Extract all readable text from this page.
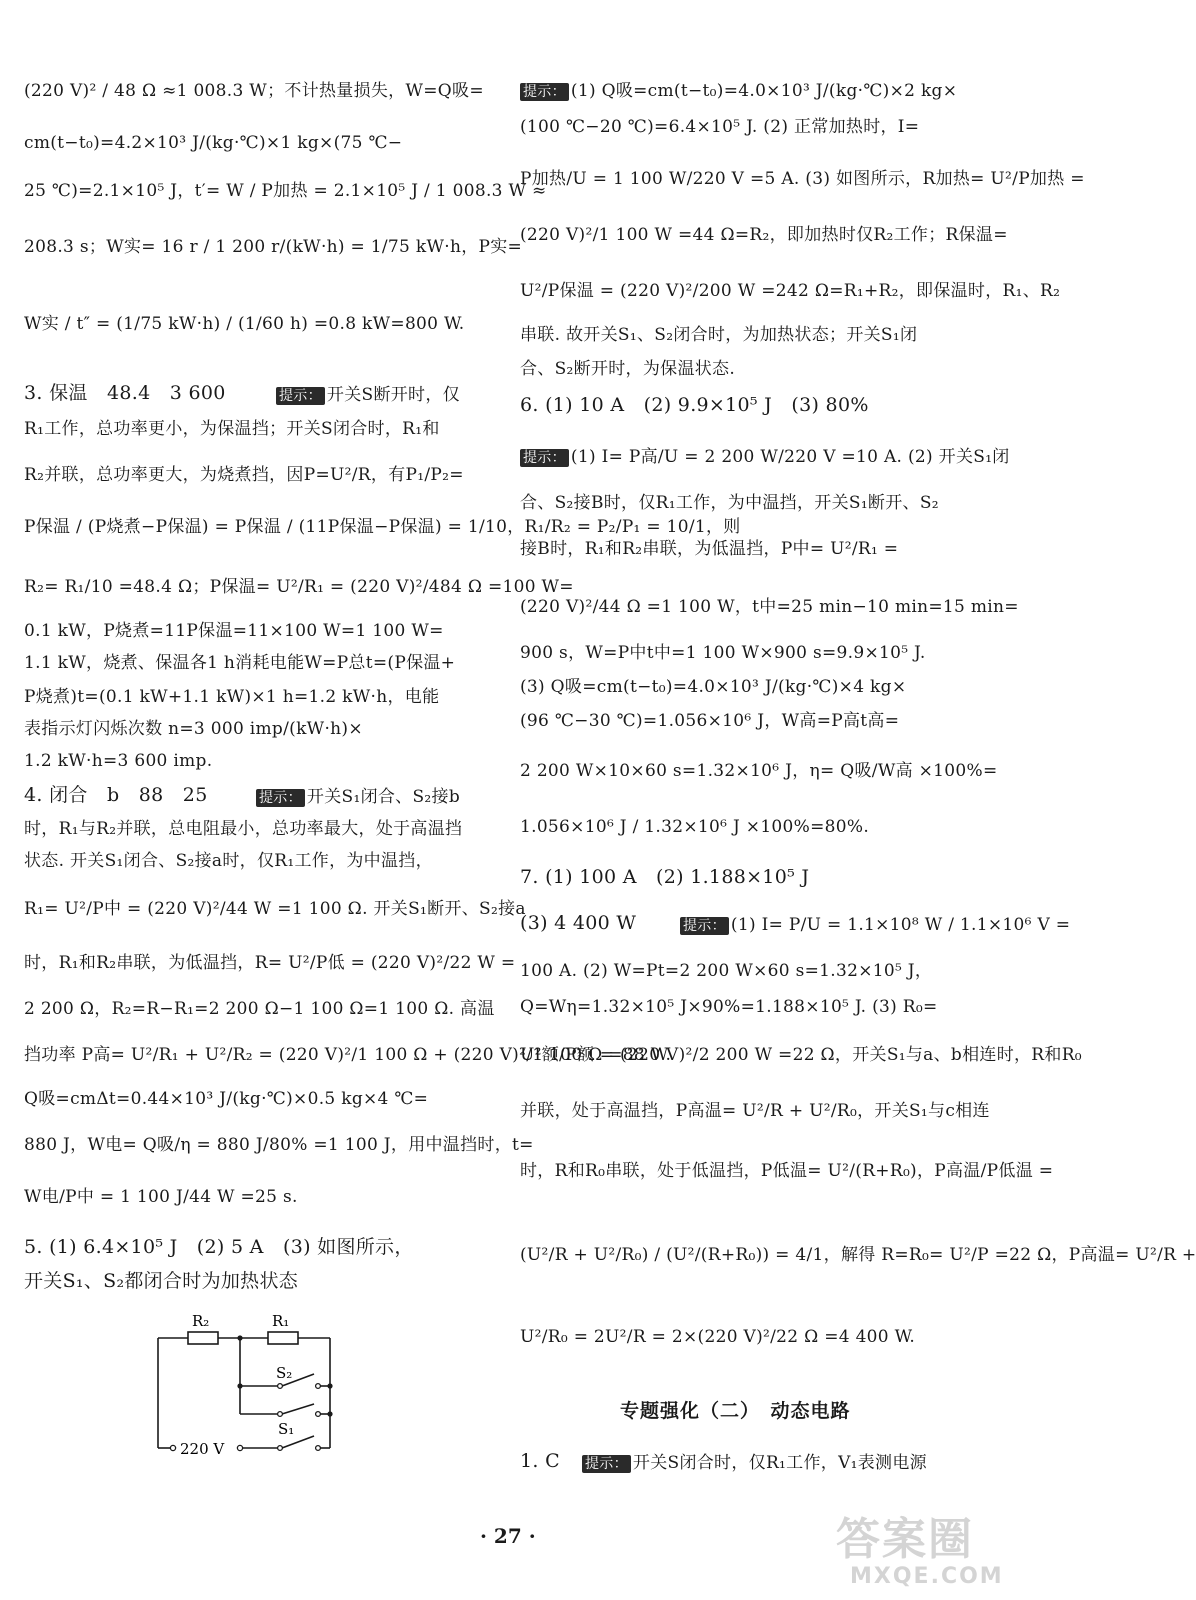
(220 V)² / 48 Ω ≈1 008.3 W；不计热量损失，W=Q吸=
cm(t−t₀)=4.2×10³ J/(kg·℃)×1 kg×(75 ℃−
25 ℃)=2.1×10⁵ J，t′= W / P加热 = 2.1×10⁵ J / 1 008.3 W ≈
208.3 s；W实= 16 r / 1 200 r/(kW·h) = 1/75 kW·h，P实=
W实 / t″ = (1/75 kW·h) / (1/60 h) =0.8 kW=800 W.
3. 保温　48.4　3 600	提示： 开关S断开时，仅
R₁工作，总功率更小，为保温挡；开关S闭合时，R₁和
R₂并联，总功率更大，为烧煮挡，因P=U²/R，有P₁/P₂=
P保温 / (P烧煮−P保温) = P保温 / (11P保温−P保温) = 1/10，R₁/R₂ = P₂/P₁ = 10/1，则
R₂= R₁/10 =48.4 Ω；P保温= U²/R₁ = (220 V)²/484 Ω =100 W=
0.1 kW，P烧煮=11P保温=11×100 W=1 100 W=
1.1 kW，烧煮、保温各1 h消耗电能W=P总t=(P保温+
P烧煮)t=(0.1 kW+1.1 kW)×1 h=1.2 kW·h，电能
表指示灯闪烁次数 n=3 000 imp/(kW·h)×
1.2 kW·h=3 600 imp.
4. 闭合　b　88　25	提示： 开关S₁闭合、S₂接b
时，R₁与R₂并联，总电阻最小，总功率最大，处于高温挡
状态. 开关S₁闭合、S₂接a时，仅R₁工作，为中温挡，
R₁= U²/P中 = (220 V)²/44 W =1 100 Ω. 开关S₁断开、S₂接a
时，R₁和R₂串联，为低温挡，R= U²/P低 = (220 V)²/22 W =
2 200 Ω，R₂=R−R₁=2 200 Ω−1 100 Ω=1 100 Ω. 高温
挡功率 P高= U²/R₁ + U²/R₂ = (220 V)²/1 100 Ω + (220 V)²/1 100 Ω =88 W.
Q吸=cmΔt=0.44×10³ J/(kg·℃)×0.5 kg×4 ℃=
880 J，W电= Q吸/η = 880 J/80% =1 100 J，用中温挡时，t=
W电/P中 = 1 100 J/44 W =25 s.
5. (1) 6.4×10⁵ J　(2) 5 A　(3) 如图所示，
开关S₁、S₂都闭合时为加热状态
R₂	R₁
S₂
S₁
220 V
提示： (1) Q吸=cm(t−t₀)=4.0×10³ J/(kg·℃)×2 kg×
(100 ℃−20 ℃)=6.4×10⁵ J. (2) 正常加热时，I=
P加热/U = 1 100 W/220 V =5 A. (3) 如图所示，R加热= U²/P加热 =
(220 V)²/1 100 W =44 Ω=R₂，即加热时仅R₂工作；R保温=
U²/P保温 = (220 V)²/200 W =242 Ω=R₁+R₂，即保温时，R₁、R₂
串联. 故开关S₁、S₂闭合时，为加热状态；开关S₁闭
合、S₂断开时，为保温状态.
6. (1) 10 A　(2) 9.9×10⁵ J　(3) 80%
提示： (1) I= P高/U = 2 200 W/220 V =10 A. (2) 开关S₁闭
合、S₂接B时，仅R₁工作，为中温挡，开关S₁断开、S₂
接B时，R₁和R₂串联，为低温挡，P中= U²/R₁ =
(220 V)²/44 Ω =1 100 W，t中=25 min−10 min=15 min=
900 s，W=P中t中=1 100 W×900 s=9.9×10⁵ J.
(3) Q吸=cm(t−t₀)=4.0×10³ J/(kg·℃)×4 kg×
(96 ℃−30 ℃)=1.056×10⁶ J，W高=P高t高=
2 200 W×10×60 s=1.32×10⁶ J，η= Q吸/W高 ×100%=
1.056×10⁶ J / 1.32×10⁶ J ×100%=80%.
7. (1) 100 A　(2) 1.188×10⁵ J
(3) 4 400 W	提示： (1) I= P/U = 1.1×10⁸ W / 1.1×10⁶ V =
100 A. (2) W=Pt=2 200 W×60 s=1.32×10⁵ J，
Q=Wη=1.32×10⁵ J×90%=1.188×10⁵ J. (3) R₀=
U²额/P额 = (220 V)²/2 200 W =22 Ω，开关S₁与a、b相连时，R和R₀
并联，处于高温挡，P高温= U²/R + U²/R₀，开关S₁与c相连
时，R和R₀串联，处于低温挡，P低温= U²/(R+R₀)，P高温/P低温 =
(U²/R + U²/R₀) / (U²/(R+R₀)) = 4/1，解得 R=R₀= U²/P =22 Ω，P高温= U²/R +
U²/R₀ = 2U²/R = 2×(220 V)²/22 Ω =4 400 W.
1. C	提示： 开关S闭合时，仅R₁工作，V₁表测电源
专题强化（二）　动态电路
· 27 ·	答案圈
MXQE.COM
